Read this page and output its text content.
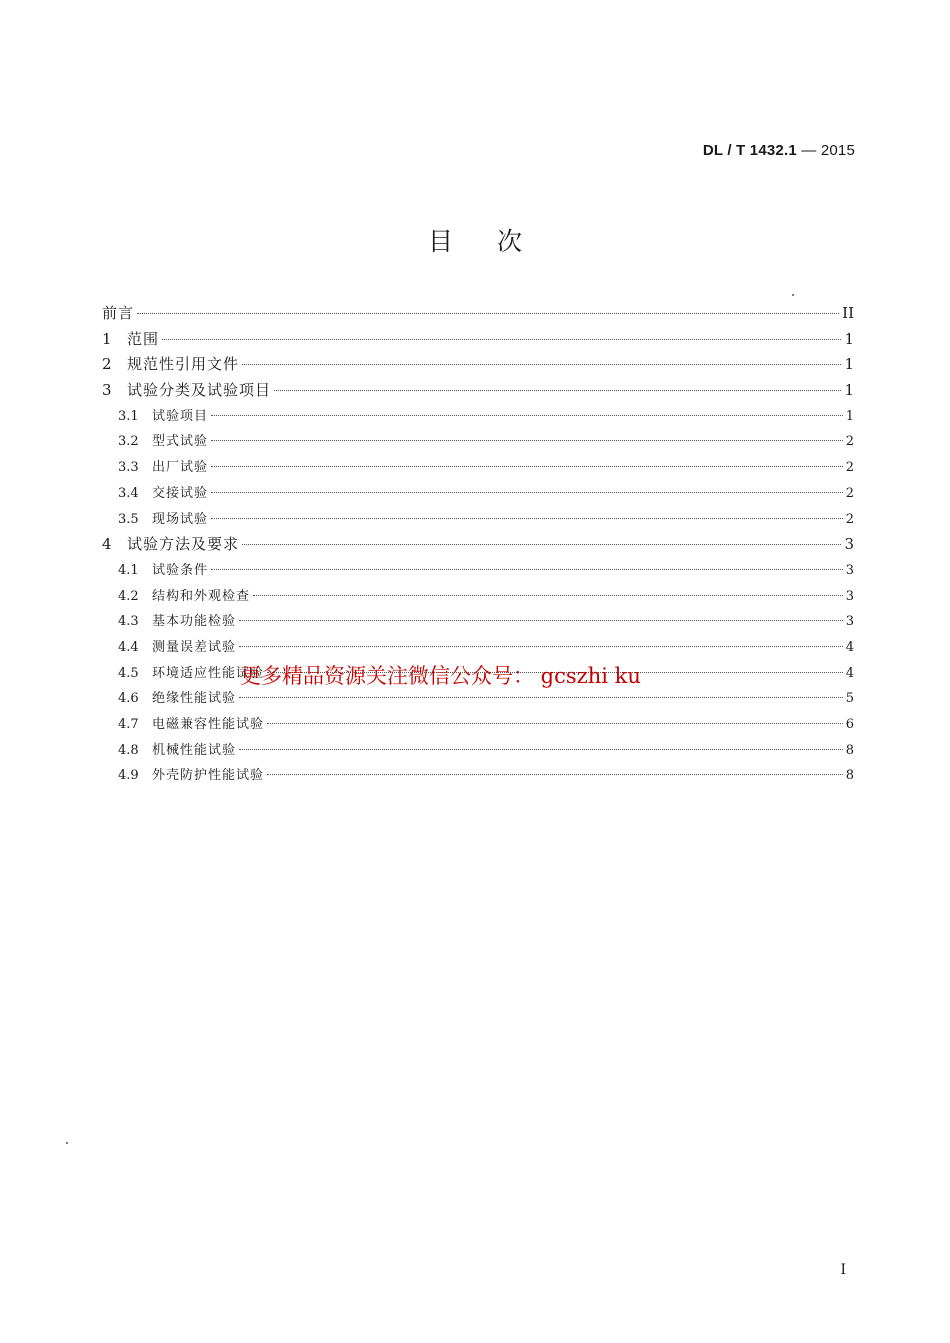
DL / T 1432.1 — 2015
目次
前言	II
1	范围	1
2	规范性引用文件	1
3	试验分类及试验项目	1
3.1	试验项目	1
3.2	型式试验	2
3.3	出厂试验	2
3.4	交接试验	2
3.5	现场试验	2
4	试验方法及要求	3
4.1	试验条件	3
4.2	结构和外观检查	3
4.3	基本功能检验	3
4.4	测量误差试验	4
4.5	环境适应性能试验	4
4.6	绝缘性能试验	5
4.7	电磁兼容性能试验	6
4.8	机械性能试验	8
4.9	外壳防护性能试验	8
更多精品资源关注微信公众号： gcszhi ku
I
